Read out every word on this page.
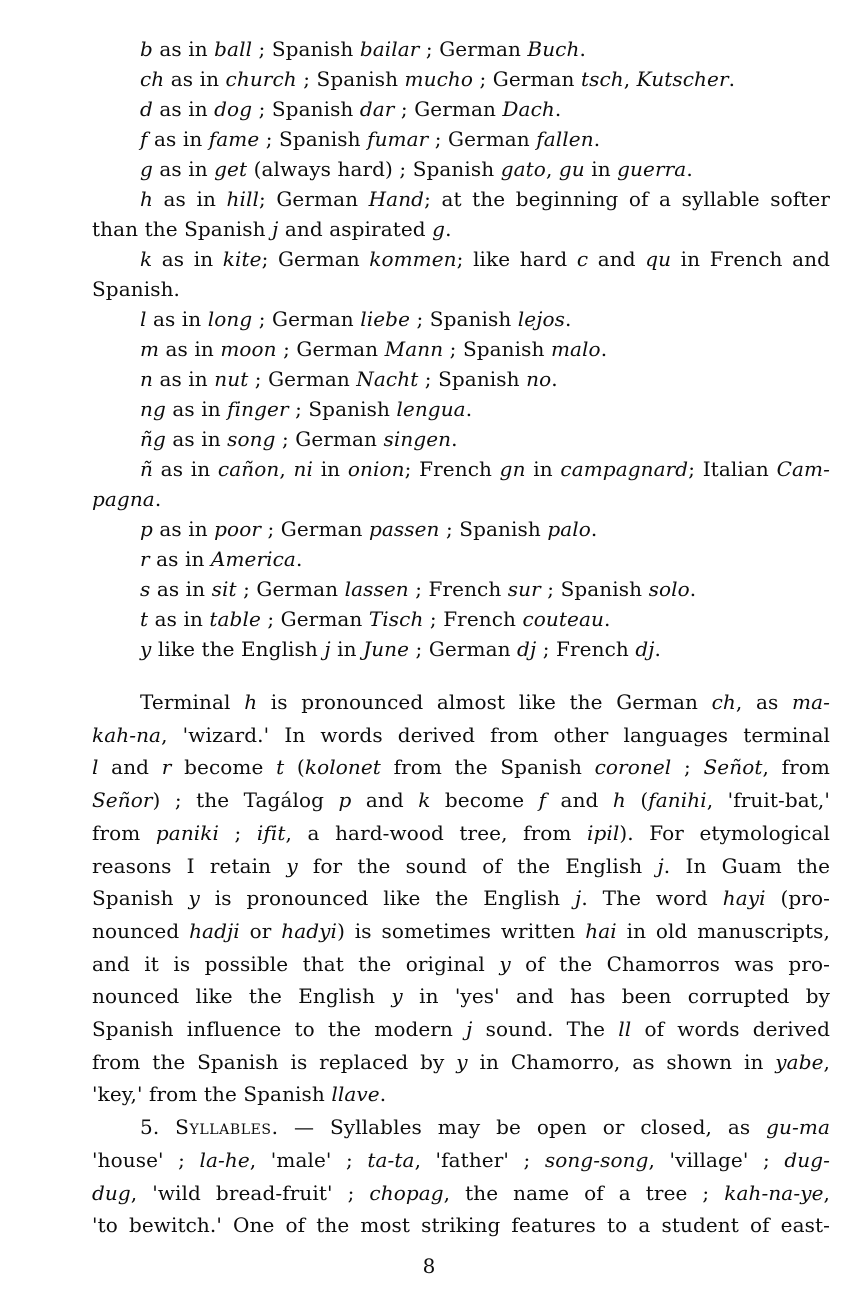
b as in ball ; Spanish bailar ; German Buch.
ch as in church ; Spanish mucho ; German tsch, Kutscher.
d as in dog ; Spanish dar ; German Dach.
f as in fame ; Spanish fumar ; German fallen.
g as in get (always hard) ; Spanish gato, gu in guerra.
h as in hill; German Hand; at the beginning of a syllable softer
than the Spanish j and aspirated g.
k as in kite; German kommen; like hard c and qu in French and
Spanish.
l as in long ; German liebe ; Spanish lejos.
m as in moon ; German Mann ; Spanish malo.
n as in nut ; German Nacht ; Spanish no.
ng as in finger ; Spanish lengua.
ñg as in song ; German singen.
ñ as in cañon, ni in onion; French gn in campagnard; Italian Cam-
pagna.
p as in poor ; German passen ; Spanish palo.
r as in America.
s as in sit ; German lassen ; French sur ; Spanish solo.
t as in table ; German Tisch ; French couteau.
y like the English j in June ; German dj ; French dj.
Terminal h is pronounced almost like the German ch, as ma-
kah-na, 'wizard.' In words derived from other languages terminal
l and r become t (kolonet from the Spanish coronel ; Señot, from
Señor) ; the Tagálog p and k become f and h (fanihi, 'fruit-bat,'
from paniki ; ifit, a hard-wood tree, from ipil). For etymological
reasons I retain y for the sound of the English j. In Guam the
Spanish y is pronounced like the English j. The word hayi (pro-
nounced hadji or hadyi) is sometimes written hai in old manuscripts,
and it is possible that the original y of the Chamorros was pro-
nounced like the English y in 'yes' and has been corrupted by
Spanish influence to the modern j sound. The ll of words derived
from the Spanish is replaced by y in Chamorro, as shown in yabe,
'key,' from the Spanish llave.
5. Syllables. — Syllables may be open or closed, as gu-ma
'house' ; la-he, 'male' ; ta-ta, 'father' ; song-song, 'village' ; dug-
dug, 'wild bread-fruit' ; chopag, the name of a tree ; kah-na-ye,
'to bewitch.' One of the most striking features to a student of east-
8
